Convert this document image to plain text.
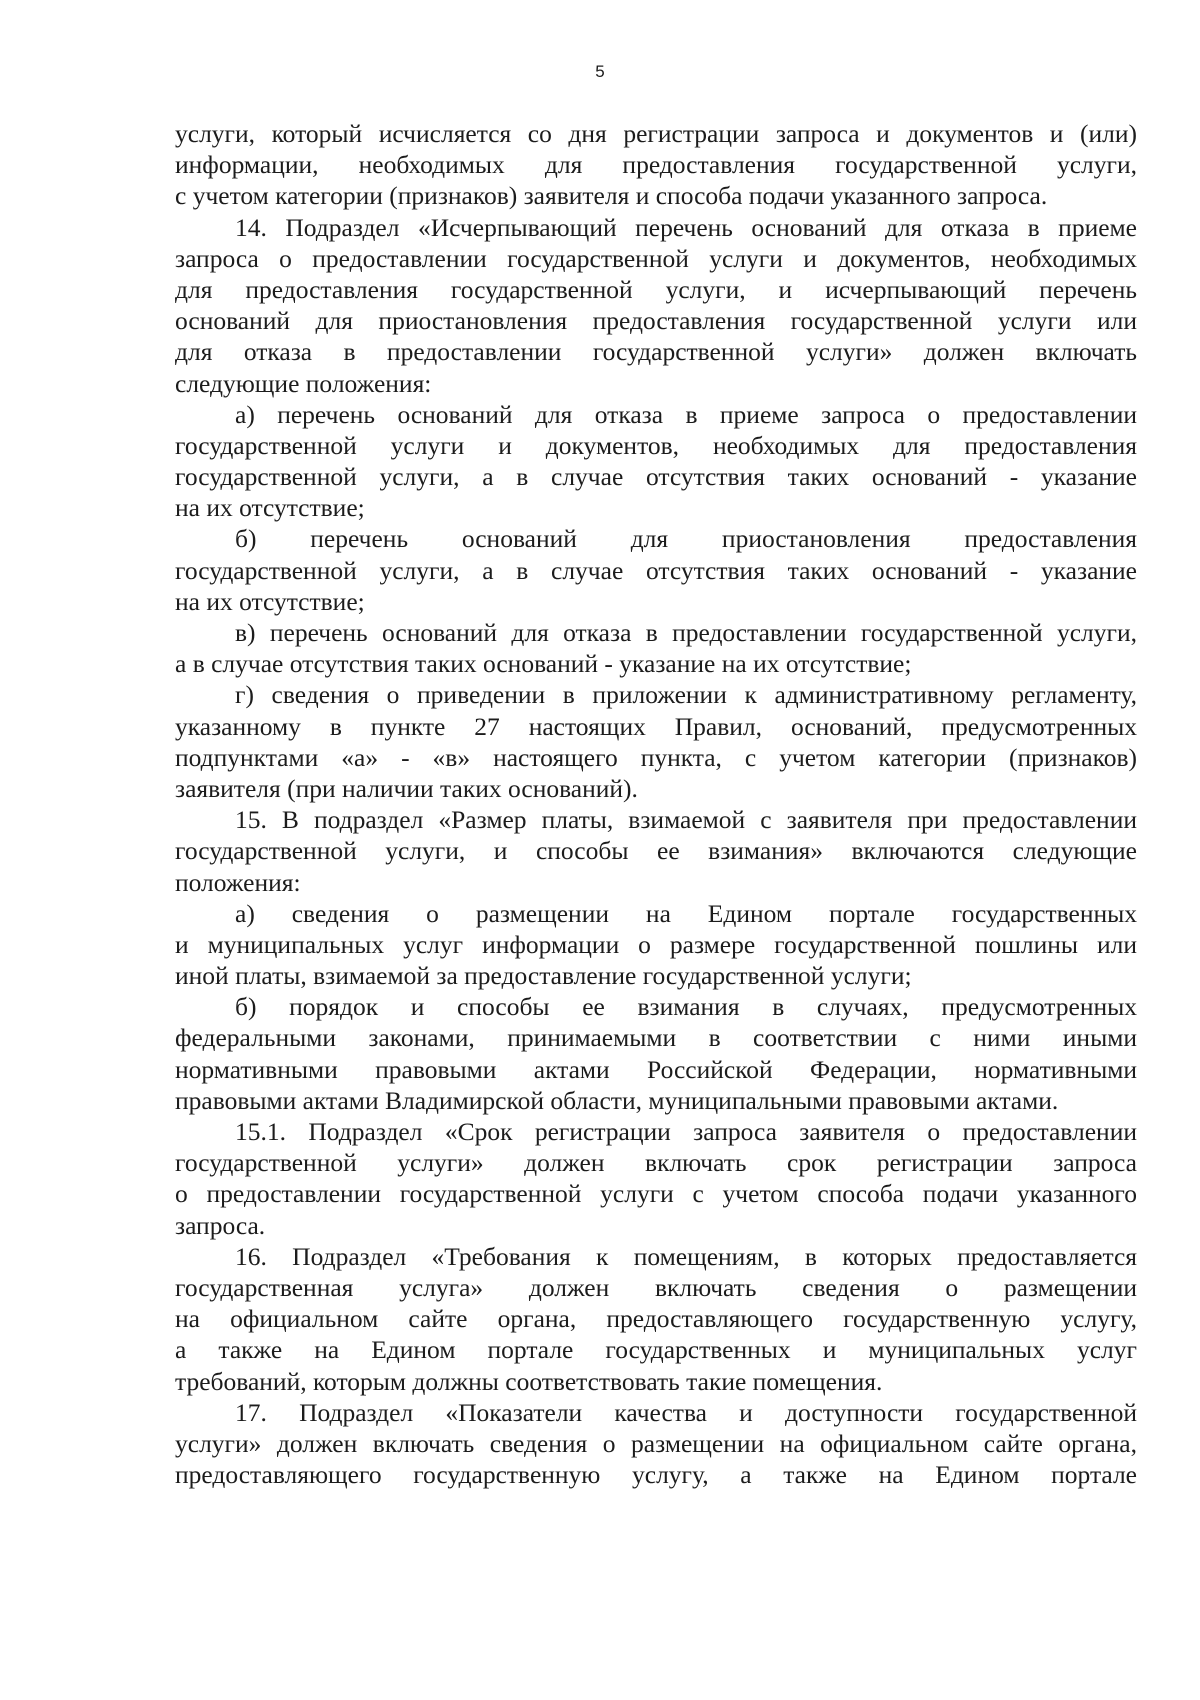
5
услуги, который исчисляется со дня регистрации запроса и документов и (или)
информации, необходимых для предоставления государственной услуги,
с учетом категории (признаков) заявителя и способа подачи указанного запроса.
14. Подраздел «Исчерпывающий перечень оснований для отказа в приеме
запроса о предоставлении государственной услуги и документов, необходимых
для предоставления государственной услуги, и исчерпывающий перечень
оснований для приостановления предоставления государственной услуги или
для отказа в предоставлении государственной услуги» должен включать
следующие положения:
а) перечень оснований для отказа в приеме запроса о предоставлении
государственной услуги и документов, необходимых для предоставления
государственной услуги, а в случае отсутствия таких оснований - указание
на их отсутствие;
б) перечень оснований для приостановления предоставления
государственной услуги, а в случае отсутствия таких оснований - указание
на их отсутствие;
в) перечень оснований для отказа в предоставлении государственной услуги,
а в случае отсутствия таких оснований - указание на их отсутствие;
г) сведения о приведении в приложении к административному регламенту,
указанному в пункте 27 настоящих Правил, оснований, предусмотренных
подпунктами «а» - «в» настоящего пункта, с учетом категории (признаков)
заявителя (при наличии таких оснований).
15. В подраздел «Размер платы, взимаемой с заявителя при предоставлении
государственной услуги, и способы ее взимания» включаются следующие
положения:
а) сведения о размещении на Едином портале государственных
и муниципальных услуг информации о размере государственной пошлины или
иной платы, взимаемой за предоставление государственной услуги;
б) порядок и способы ее взимания в случаях, предусмотренных
федеральными законами, принимаемыми в соответствии с ними иными
нормативными правовыми актами Российской Федерации, нормативными
правовыми актами Владимирской области, муниципальными правовыми актами.
15.1. Подраздел «Срок регистрации запроса заявителя о предоставлении
государственной услуги» должен включать срок регистрации запроса
о предоставлении государственной услуги с учетом способа подачи указанного
запроса.
16. Подраздел «Требования к помещениям, в которых предоставляется
государственная услуга» должен включать сведения о размещении
на официальном сайте органа, предоставляющего государственную услугу,
а также на Едином портале государственных и муниципальных услуг
требований, которым должны соответствовать такие помещения.
17. Подраздел «Показатели качества и доступности государственной
услуги» должен включать сведения о размещении на официальном сайте органа,
предоставляющего государственную услугу, а также на Едином портале
